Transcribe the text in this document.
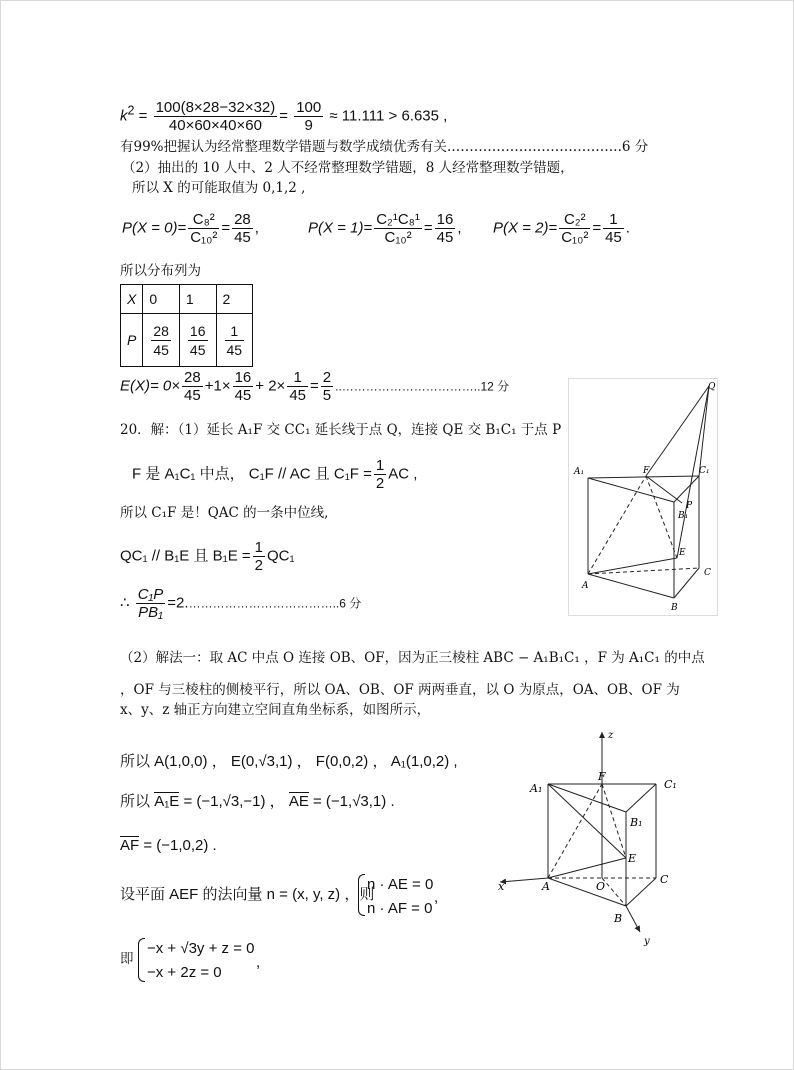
$k^2 = \frac{100(8\times 28-32\times 32)}{40\times 60\times 40\times 60} = \frac{100}{9} \approx 11.111 > 6.635$ ,
有99%把握认为经常整理数学错题与数学成绩优秀有关.………………………………..6 分
（2）抽出的 10 人中、2 人不经常整理数学错题，8 人经常整理数学错题，
所以 X 的可能取值为 0,1,2 ,
$P(X = 0)= \frac{\text{C₈²}}{\text{C₁₀²}} = \frac{28}{45}$ ,	$P(X = 1)= \frac{\text{C₂¹C₈¹}}{\text{C₁₀²}} = \frac{16}{45}$ , $P(X = 2)= \frac{\text{C₂²}}{\text{C₁₀²}} = \frac{1}{45}$ .
所以分布列为
X	0	1	2
P	$\frac{28}{45}$	$\frac{16}{45}$	$\frac{1}{45}$
$E(X)= 0\times \frac{28}{45} +1\times \frac{16}{45} + 2\times \frac{1}{45} = \frac{2}{5}$ ..……………………………..12 分
20．解：（1）延长 A₁F 交 CC₁ 延长线于点 Q，连接 QE 交 B₁C₁ 于点 P
F 是 A₁C₁ 中点， C₁F // AC 且 $C_1F = \frac{1}{2}$ AC ,
所以 C₁F 是！QAC 的一条中位线,
QC₁ // B₁E 且 $B_1E = \frac{1}{2} QC_1$
∴ $\frac{\text{C₁P}}{\text{PB₁}}$ =2.………………………………..6 分
Q
A₁	F	C₁
P
B₁
E
A
C
B
（2）解法一：取 AC 中点 O 连接 OB、OF，因为正三棱柱 ABC − A₁B₁C₁ ，F 为 A₁C₁ 的中点
，OF 与三棱柱的侧棱平行，所以 OA、OB、OF 两两垂直，以 O 为原点，OA、OB、OF 为
x、y、z 轴正方向建立空间直角坐标系，如图所示，
所以 A(1,0,0) ， E(0,√3,1) ， F(0,0,2) ， A₁(1,0,2) ,
所以 A₁E = (−1,√3,−1) ， AE = (−1,√3,1) .
AF = (−1,0,2) .
设平面 AEF 的法向量 n = (x, y, z) ，则
n · AE = 0
n · AF = 0
,
即
−x + √3y + z = 0
−x + 2z = 0
,
z
F
A₁	C₁
B₁
E
x	A	O
C
B
y
